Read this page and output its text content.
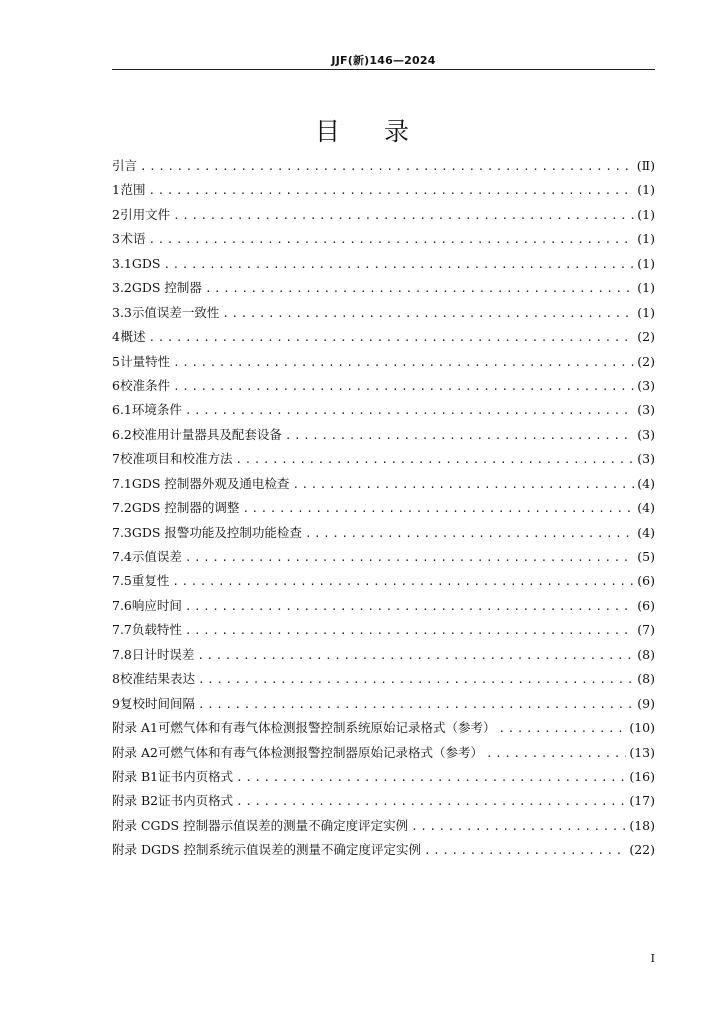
JJF(新)146—2024
目录
引 言 .....	(Ⅱ)
1 范围 .....	(1)
2 引用文件 .....	(1)
3 术语 .....	(1)
3.1 GDS .....	(1)
3.2 GDS 控制器 .....	(1)
3.3 示值误差一致性 .....	(1)
4 概述 .....	(2)
5 计量特性 .....	(2)
6 校准条件 .....	(3)
6.1 环境条件 .....	(3)
6.2 校准用计量器具及配套设备 .....	(3)
7 校准项目和校准方法 .....	(3)
7.1 GDS 控制器外观及通电检查 .....	(4)
7.2 GDS 控制器的调整 .....	(4)
7.3 GDS 报警功能及控制功能检查 .....	(4)
7.4 示值误差 .....	(5)
7.5 重复性 .....	(6)
7.6 响应时间 .....	(6)
7.7 负载特性 .....	(7)
7.8 日计时误差 .....	(8)
8 校准结果表达 .....	(8)
9 复校时间间隔 .....	(9)
附录 A1 可燃气体和有毒气体检测报警控制系统原始记录格式（参考） .....	(10)
附录 A2 可燃气体和有毒气体检测报警控制器原始记录格式（参考） .....	(13)
附录 B1 证书内页格式 .....	(16)
附录 B2 证书内页格式 .....	(17)
附录 C GDS 控制器示值误差的测量不确定度评定实例 .....	(18)
附录 D GDS 控制系统示值误差的测量不确定度评定实例 .....	(22)
I
